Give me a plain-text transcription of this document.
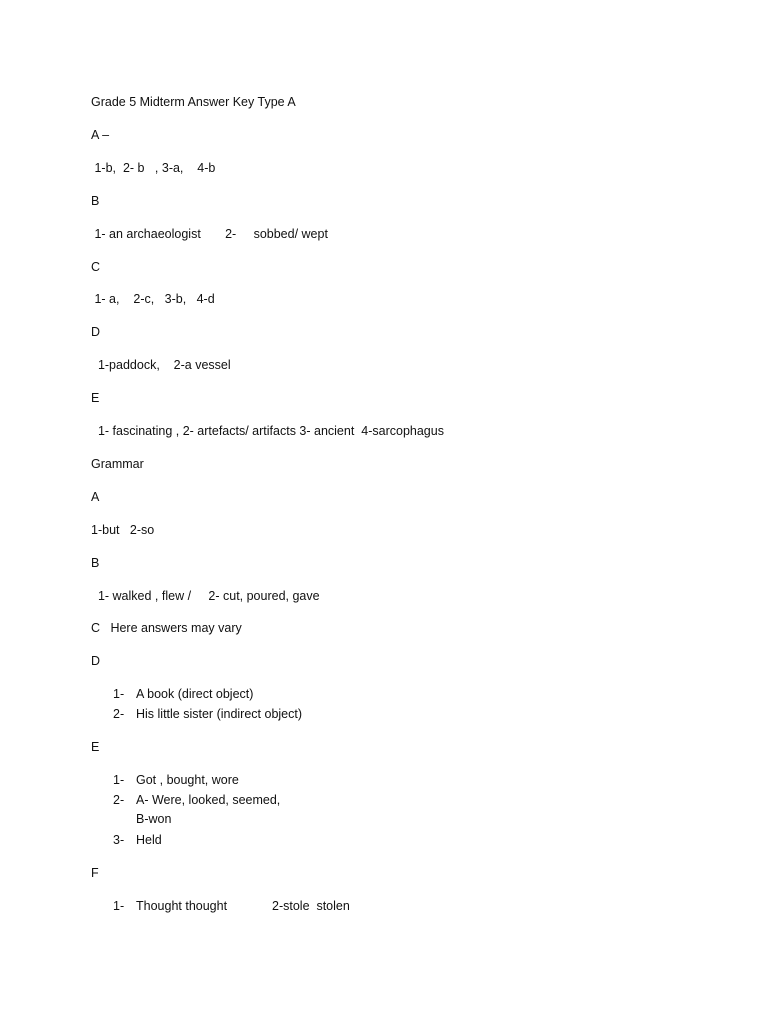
Grade 5 Midterm Answer Key Type A
A –
1-b,  2- b   , 3-a,    4-b
B
1- an archaeologist       2-     sobbed/ wept
C
1- a,    2-c,   3-b,   4-d
D
1-paddock,    2-a vessel
E
1- fascinating , 2- artefacts/ artifacts 3- ancient  4-sarcophagus
Grammar
A
1-but   2-so
B
1- walked , flew /     2- cut, poured, gave
C   Here answers may vary
D
1- A book (direct object)
2- His little sister (indirect object)
E
1- Got , bought, wore
2- A- Were, looked, seemed,
B-won
3- Held
F
1- Thought thought	2-stole  stolen
